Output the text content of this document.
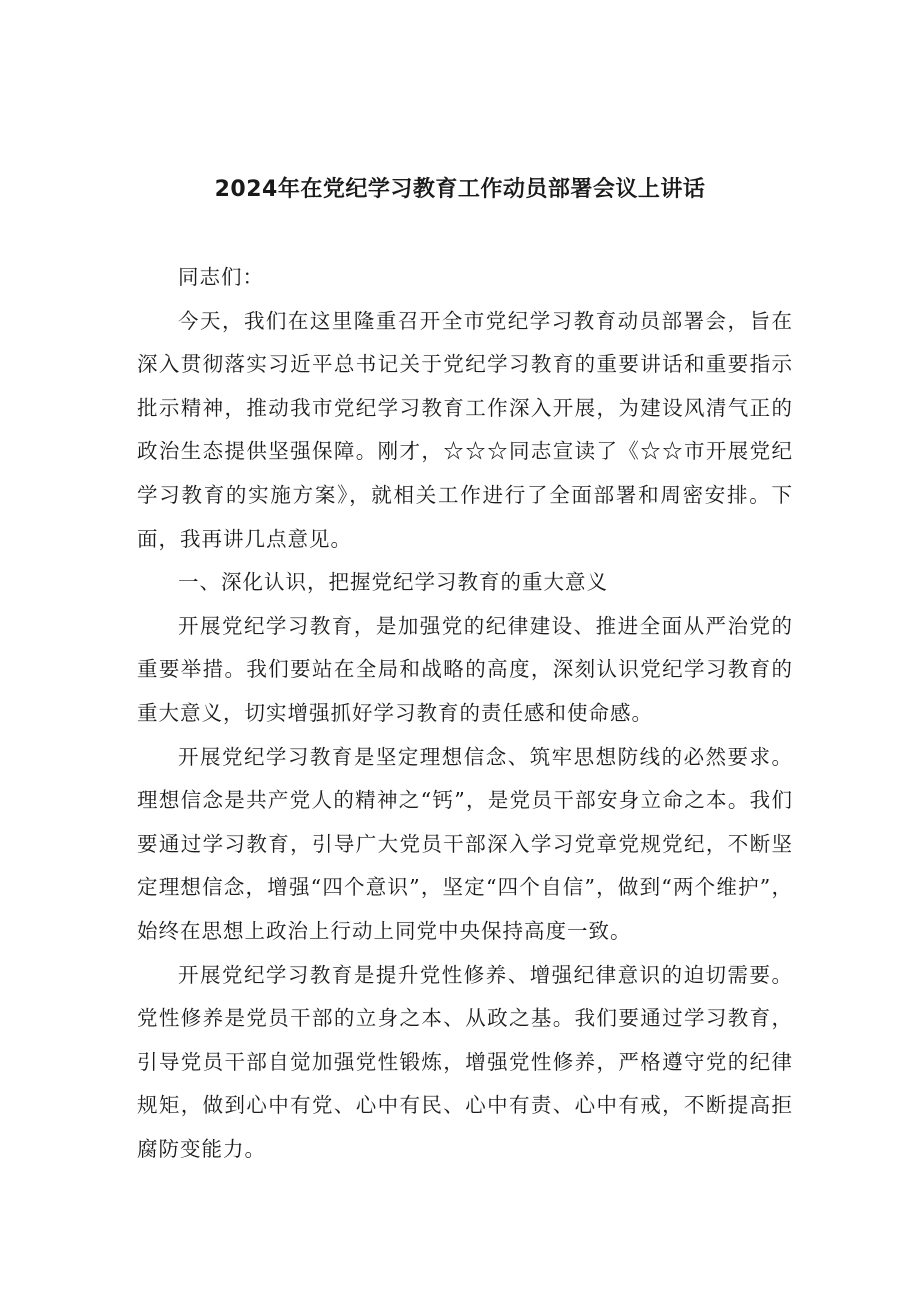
2024年在党纪学习教育工作动员部署会议上讲话

同志们：

今天，我们在这里隆重召开全市党纪学习教育动员部署会，旨在深入贯彻落实习近平总书记关于党纪学习教育的重要讲话和重要指示批示精神，推动我市党纪学习教育工作深入开展，为建设风清气正的政治生态提供坚强保障。刚才，☆☆☆同志宣读了《☆☆市开展党纪学习教育的实施方案》，就相关工作进行了全面部署和周密安排。下面，我再讲几点意见。

一、深化认识，把握党纪学习教育的重大意义

开展党纪学习教育，是加强党的纪律建设、推进全面从严治党的重要举措。我们要站在全局和战略的高度，深刻认识党纪学习教育的重大意义，切实增强抓好学习教育的责任感和使命感。

开展党纪学习教育是坚定理想信念、筑牢思想防线的必然要求。理想信念是共产党人的精神之“钙”，是党员干部安身立命之本。我们要通过学习教育，引导广大党员干部深入学习党章党规党纪，不断坚定理想信念，增强“四个意识”，坚定“四个自信”，做到“两个维护”，始终在思想上政治上行动上同党中央保持高度一致。

开展党纪学习教育是提升党性修养、增强纪律意识的迫切需要。党性修养是党员干部的立身之本、从政之基。我们要通过学习教育，引导党员干部自觉加强党性锻炼，增强党性修养，严格遵守党的纪律规矩，做到心中有党、心中有民、心中有责、心中有戒，不断提高拒腐防变能力。
